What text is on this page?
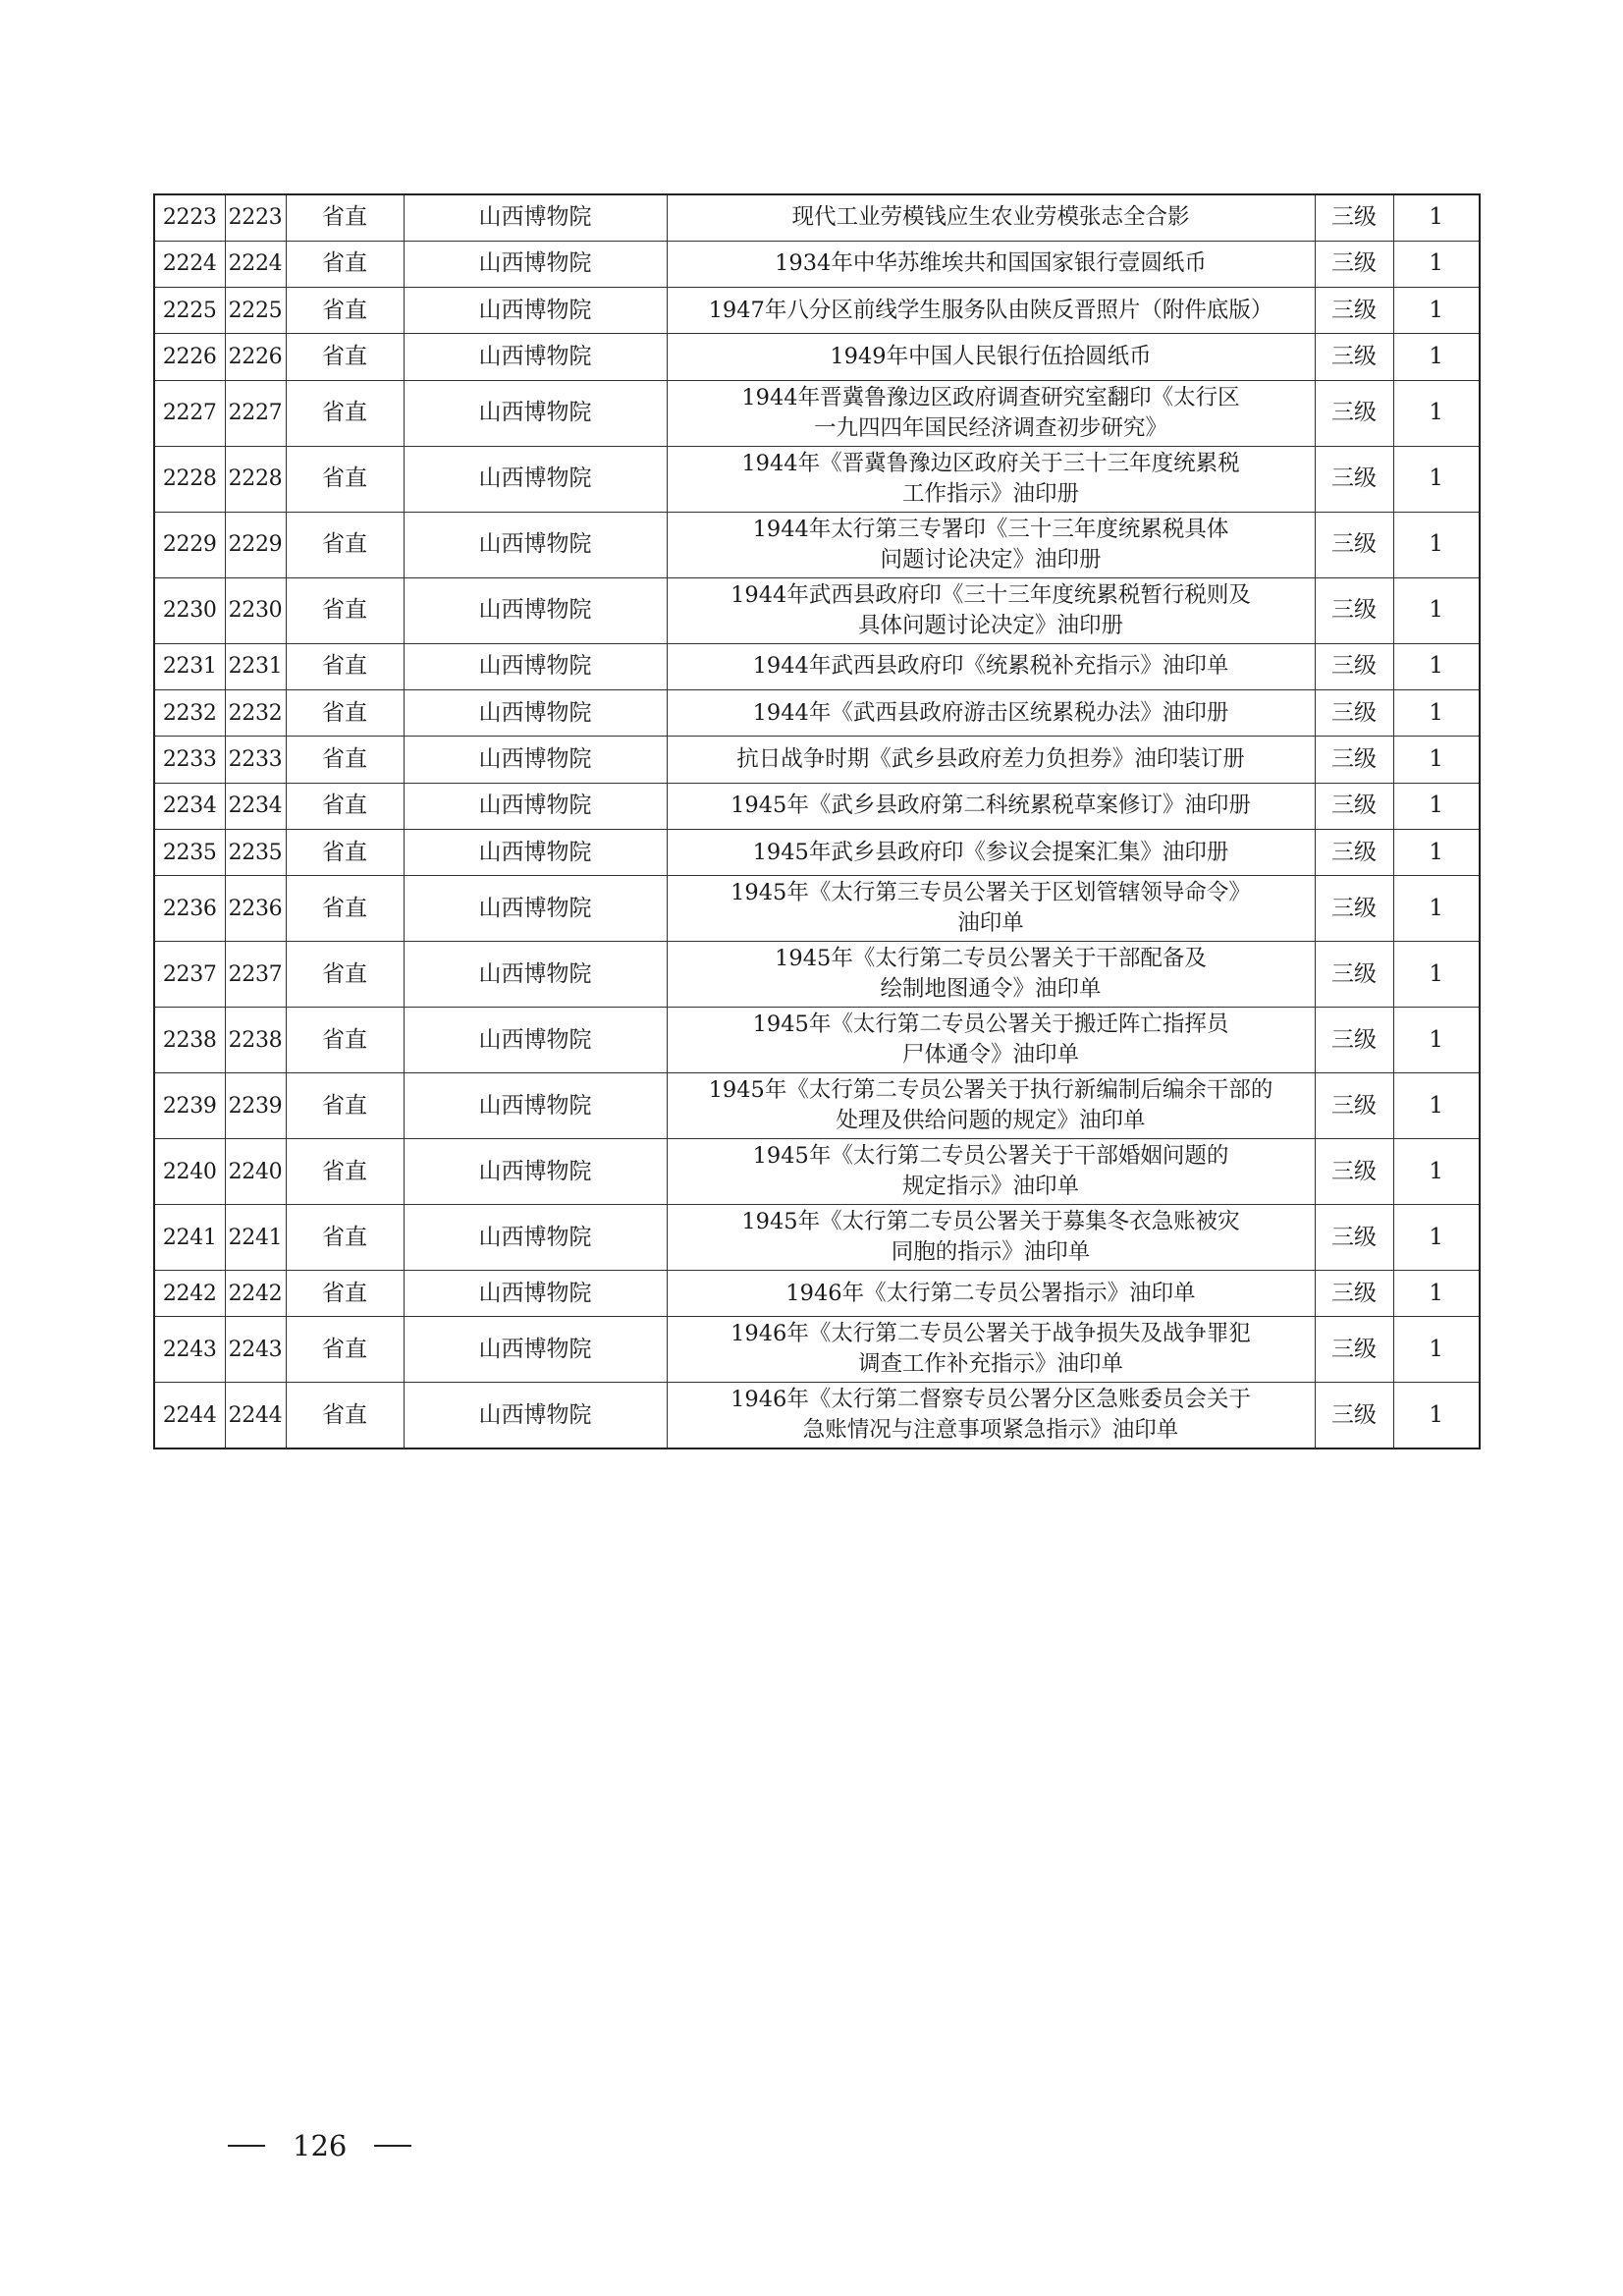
2223	2223	省直	山西博物院	现代工业劳模钱应生农业劳模张志全合影	三级	1
2224	2224	省直	山西博物院	1934年中华苏维埃共和国国家银行壹圆纸币	三级	1
2225	2225	省直	山西博物院	1947年八分区前线学生服务队由陕反晋照片（附件底版）	三级	1
2226	2226	省直	山西博物院	1949年中国人民银行伍拾圆纸币	三级	1
2227	2227	省直	山西博物院	1944年晋冀鲁豫边区政府调查研究室翻印《太行区
一九四四年国民经济调查初步研究》	三级	1
2228	2228	省直	山西博物院	1944年《晋冀鲁豫边区政府关于三十三年度统累税
工作指示》油印册	三级	1
2229	2229	省直	山西博物院	1944年太行第三专署印《三十三年度统累税具体
问题讨论决定》油印册	三级	1
2230	2230	省直	山西博物院	1944年武西县政府印《三十三年度统累税暂行税则及
具体问题讨论决定》油印册	三级	1
2231	2231	省直	山西博物院	1944年武西县政府印《统累税补充指示》油印单	三级	1
2232	2232	省直	山西博物院	1944年《武西县政府游击区统累税办法》油印册	三级	1
2233	2233	省直	山西博物院	抗日战争时期《武乡县政府差力负担券》油印装订册	三级	1
2234	2234	省直	山西博物院	1945年《武乡县政府第二科统累税草案修订》油印册	三级	1
2235	2235	省直	山西博物院	1945年武乡县政府印《参议会提案汇集》油印册	三级	1
2236	2236	省直	山西博物院	1945年《太行第三专员公署关于区划管辖领导命令》
油印单	三级	1
2237	2237	省直	山西博物院	1945年《太行第二专员公署关于干部配备及
绘制地图通令》油印单	三级	1
2238	2238	省直	山西博物院	1945年《太行第二专员公署关于搬迁阵亡指挥员
尸体通令》油印单	三级	1
2239	2239	省直	山西博物院	1945年《太行第二专员公署关于执行新编制后编余干部的
处理及供给问题的规定》油印单	三级	1
2240	2240	省直	山西博物院	1945年《太行第二专员公署关于干部婚姻问题的
规定指示》油印单	三级	1
2241	2241	省直	山西博物院	1945年《太行第二专员公署关于募集冬衣急账被灾
同胞的指示》油印单	三级	1
2242	2242	省直	山西博物院	1946年《太行第二专员公署指示》油印单	三级	1
2243	2243	省直	山西博物院	1946年《太行第二专员公署关于战争损失及战争罪犯
调查工作补充指示》油印单	三级	1
2244	2244	省直	山西博物院	1946年《太行第二督察专员公署分区急账委员会关于
急账情况与注意事项紧急指示》油印单	三级	1
126
